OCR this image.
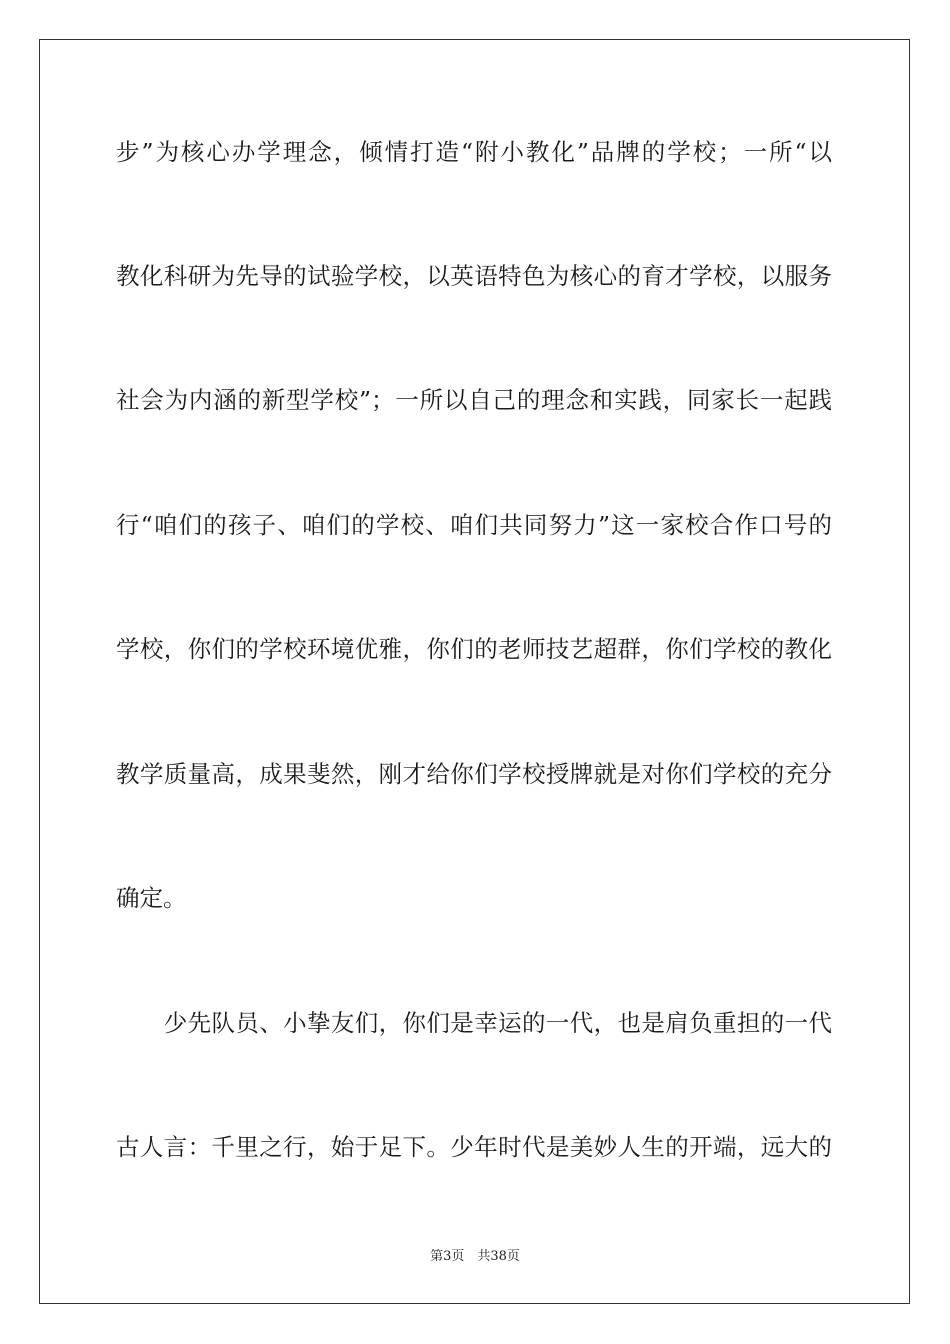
步”为核心办学理念，倾情打造“附小教化”品牌的学校；一所“以
教化科研为先导的试验学校，以英语特色为核心的育才学校，以服务
社会为内涵的新型学校”；一所以自己的理念和实践，同家长一起践
行“咱们的孩子、咱们的学校、咱们共同努力”这一家校合作口号的
学校，你们的学校环境优雅，你们的老师技艺超群，你们学校的教化
教学质量高，成果斐然，刚才给你们学校授牌就是对你们学校的充分
确定。
　　少先队员、小挚友们，你们是幸运的一代，也是肩负重担的一代
古人言：千里之行，始于足下。少年时代是美妙人生的开端，远大的
第3页　共38页
